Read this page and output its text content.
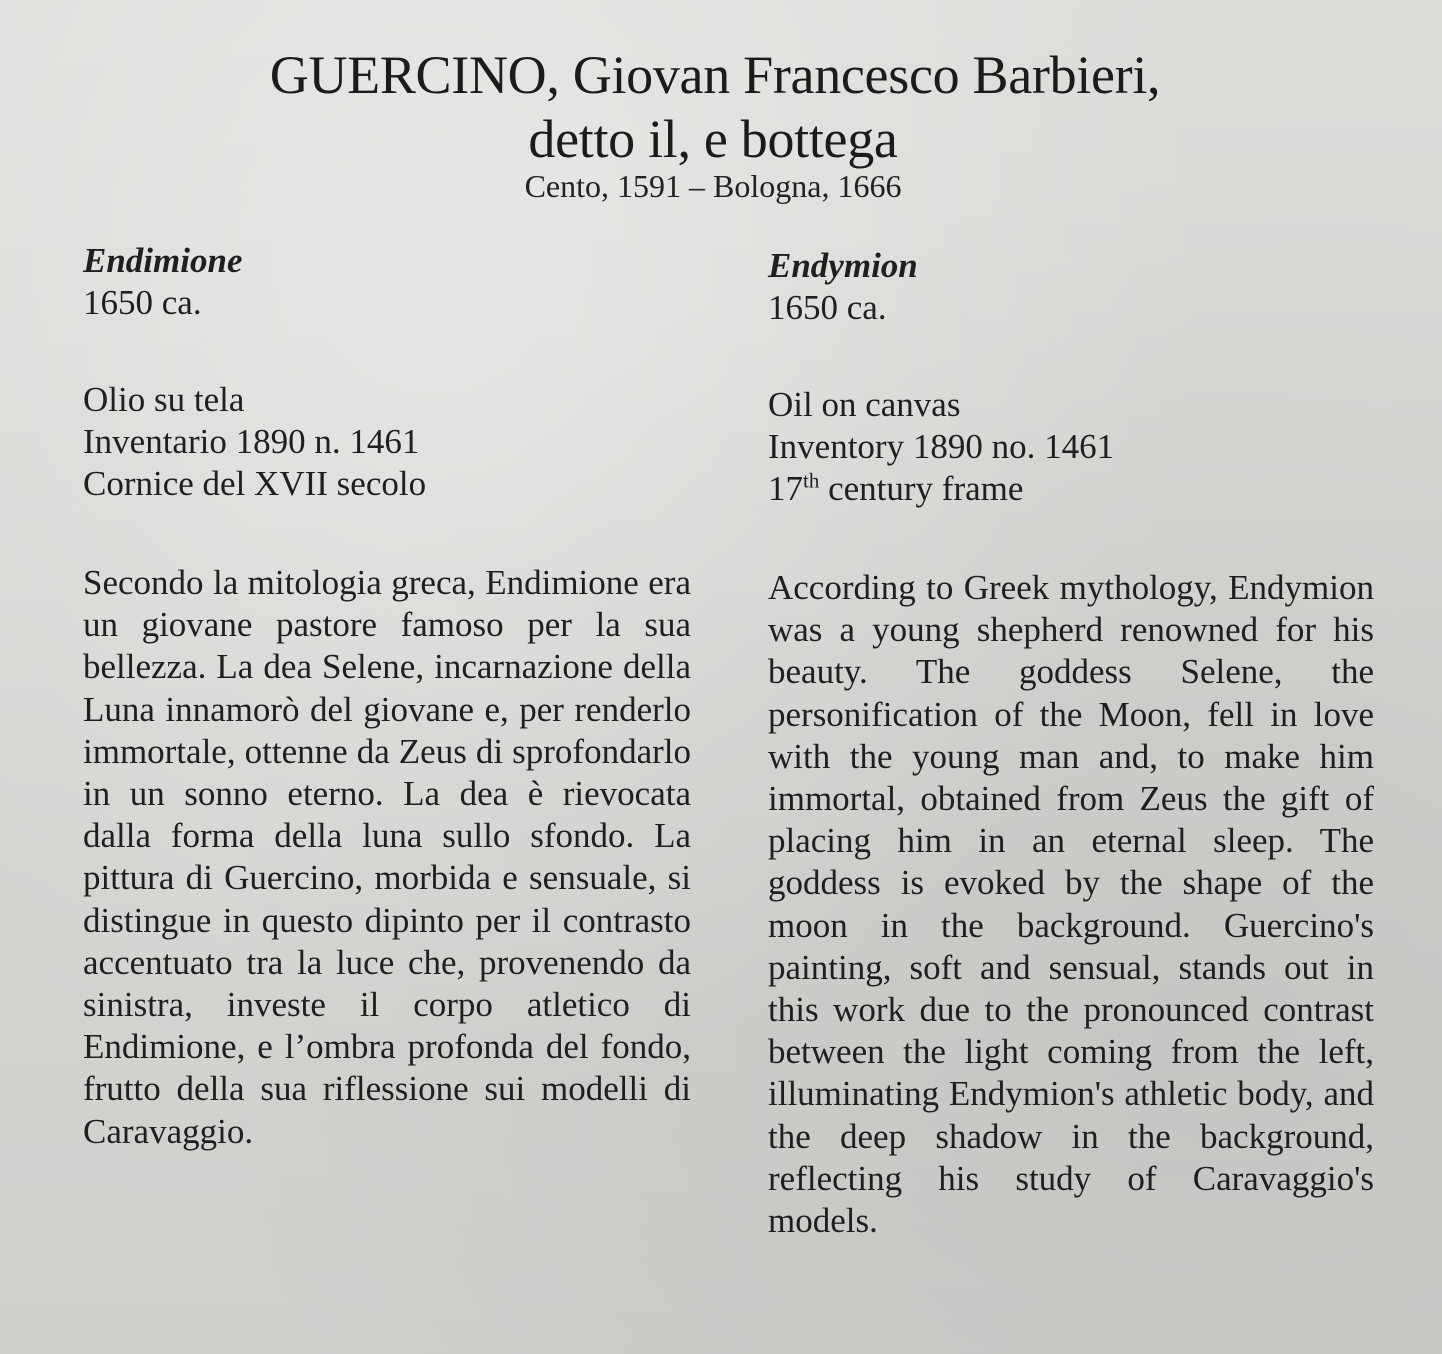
GUERCINO, Giovan Francesco Barbieri,
detto il, e bottega
Cento, 1591 – Bologna, 1666
Endimione
1650 ca.
Olio su tela
Inventario 1890 n. 1461
Cornice del XVII secolo
Secondo la mitologia greca, Endimione era un giovane pastore famoso per la sua bellezza. La dea Selene, incarnazione della Luna innamorò del giovane e, per renderlo immortale, ottenne da Zeus di sprofondarlo in un sonno eterno. La dea è rievocata dalla forma della luna sullo sfondo. La pittura di Guercino, morbida e sensuale, si distingue in questo dipinto per il contrasto accentuato tra la luce che, provenendo da sinistra, investe il corpo atletico di Endimione, e l’ombra profonda del fondo, frutto della sua riflessione sui modelli di Caravaggio.
Endymion
1650 ca.
Oil on canvas
Inventory 1890 no. 1461
17th century frame
According to Greek mythology, Endymion was a young shepherd renowned for his beauty. The goddess Selene, the personification of the Moon, fell in love with the young man and, to make him immortal, obtained from Zeus the gift of placing him in an eternal sleep. The goddess is evoked by the shape of the moon in the background. Guercino's painting, soft and sensual, stands out in this work due to the pronounced contrast between the light coming from the left, illuminating Endymion's athletic body, and the deep shadow in the background, reflecting his study of Caravaggio's models.
